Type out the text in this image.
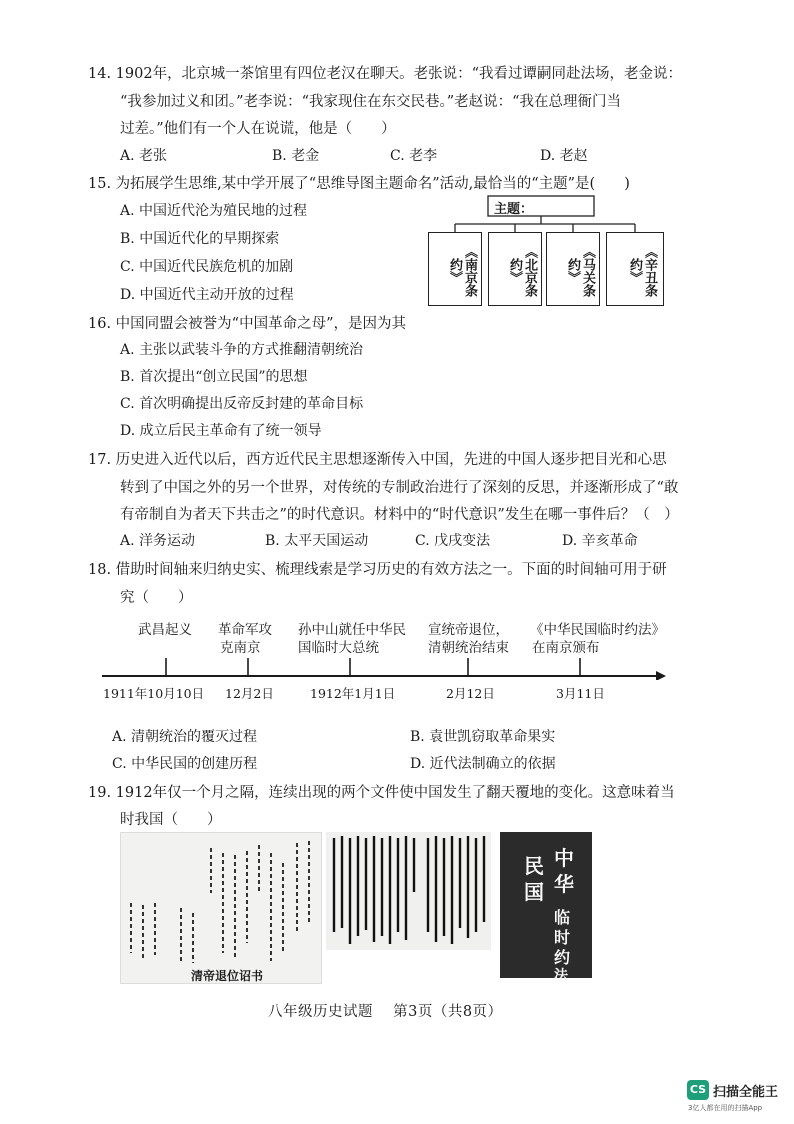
14. 1902年，北京城一茶馆里有四位老汉在聊天。老张说：“我看过谭嗣同赴法场，老金说：
“我参加过义和团。”老李说：“我家现住在东交民巷。”老赵说：“我在总理衙门当
过差。”他们有一个人在说谎，他是（　　）
A. 老张	B. 老金	C. 老李	D. 老赵
15. 为拓展学生思维,某中学开展了“思维导图主题命名”活动,最恰当的“主题”是(　　)
A. 中国近代沦为殖民地的过程
B. 中国近代化的早期探索
C. 中国近代民族危机的加剧
D. 中国近代主动开放的过程
主题：
《南京条约》	《北京条约》	《马关条约》	《辛丑条约》
16. 中国同盟会被誉为“中国革命之母”，是因为其
A. 主张以武装斗争的方式推翻清朝统治
B. 首次提出“创立民国”的思想
C. 首次明确提出反帝反封建的革命目标
D. 成立后民主革命有了统一领导
17. 历史进入近代以后，西方近代民主思想逐渐传入中国，先进的中国人逐步把目光和心思
转到了中国之外的另一个世界，对传统的专制政治进行了深刻的反思，并逐渐形成了“敢
有帝制自为者天下共击之”的时代意识。材料中的“时代意识”发生在哪一事件后？（　）
A. 洋务运动	B. 太平天国运动	C. 戊戌变法	D. 辛亥革命
18. 借助时间轴来归纳史实、梳理线索是学习历史的有效方法之一。下面的时间轴可用于研
究（　　）
武昌起义 革命军攻
克南京
孙中山就任中华民
国临时大总统
宣统帝退位，
清朝统治结束
《中华民国临时约法》
在南京颁布
1911年10月10日 12月2日	1912年1月1日	2月12日	3月11日
A. 清朝统治的覆灭过程	B. 袁世凯窃取革命果实
C. 中华民国的创建历程	D. 近代法制确立的依据
19. 1912年仅一个月之隔，连续出现的两个文件使中国发生了翻天覆地的变化。这意味着当
时我国（　　）
清帝退位诏书
中
华
民
国
临
时
约
法
八年级历史试题　 第3页（共8页）
CS 扫描全能王
3亿人都在用的扫描App
